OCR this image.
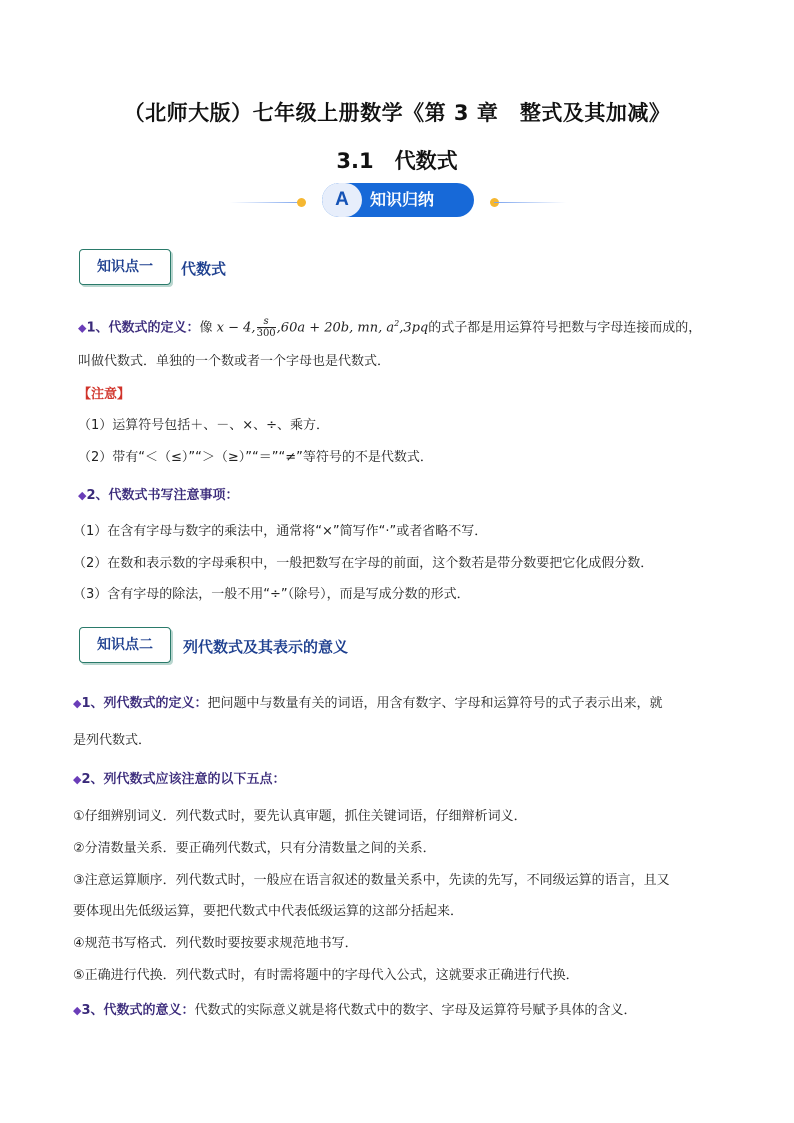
（北师大版）七年级上册数学《第 3 章　整式及其加减》
3.1　代数式
A	知识归纳
知识点一	代数式
◆1、代数式的定义：像 x − 4, $\frac{s}{300} ,60a + 20b$, mn, $a^2,3pq$的式子都是用运算符号把数与字母连接而成的，
叫做代数式．单独的一个数或者一个字母也是代数式．
【注意】
（1）运算符号包括＋、－、×、÷、乘方．
（2）带有“＜（≤）”“＞（≥）”“＝”“≠”等符号的不是代数式．
◆2、代数式书写注意事项：
（1）在含有字母与数字的乘法中，通常将“×”简写作“·”或者省略不写．
（2）在数和表示数的字母乘积中，一般把数写在字母的前面，这个数若是带分数要把它化成假分数．
（3）含有字母的除法，一般不用“÷”（除号），而是写成分数的形式．
知识点二	列代数式及其表示的意义
◆1、列代数式的定义：把问题中与数量有关的词语，用含有数字、字母和运算符号的式子表示出来，就
是列代数式．
◆2、列代数式应该注意的以下五点：
①仔细辨别词义．列代数式时，要先认真审题，抓住关键词语，仔细辩析词义．
②分清数量关系．要正确列代数式，只有分清数量之间的关系．
③注意运算顺序．列代数式时，一般应在语言叙述的数量关系中，先读的先写，不同级运算的语言，且又
要体现出先低级运算，要把代数式中代表低级运算的这部分括起来．
④规范书写格式．列代数时要按要求规范地书写．
⑤正确进行代换．列代数式时，有时需将题中的字母代入公式，这就要求正确进行代换．
◆3、代数式的意义：代数式的实际意义就是将代数式中的数字、字母及运算符号赋予具体的含义．
